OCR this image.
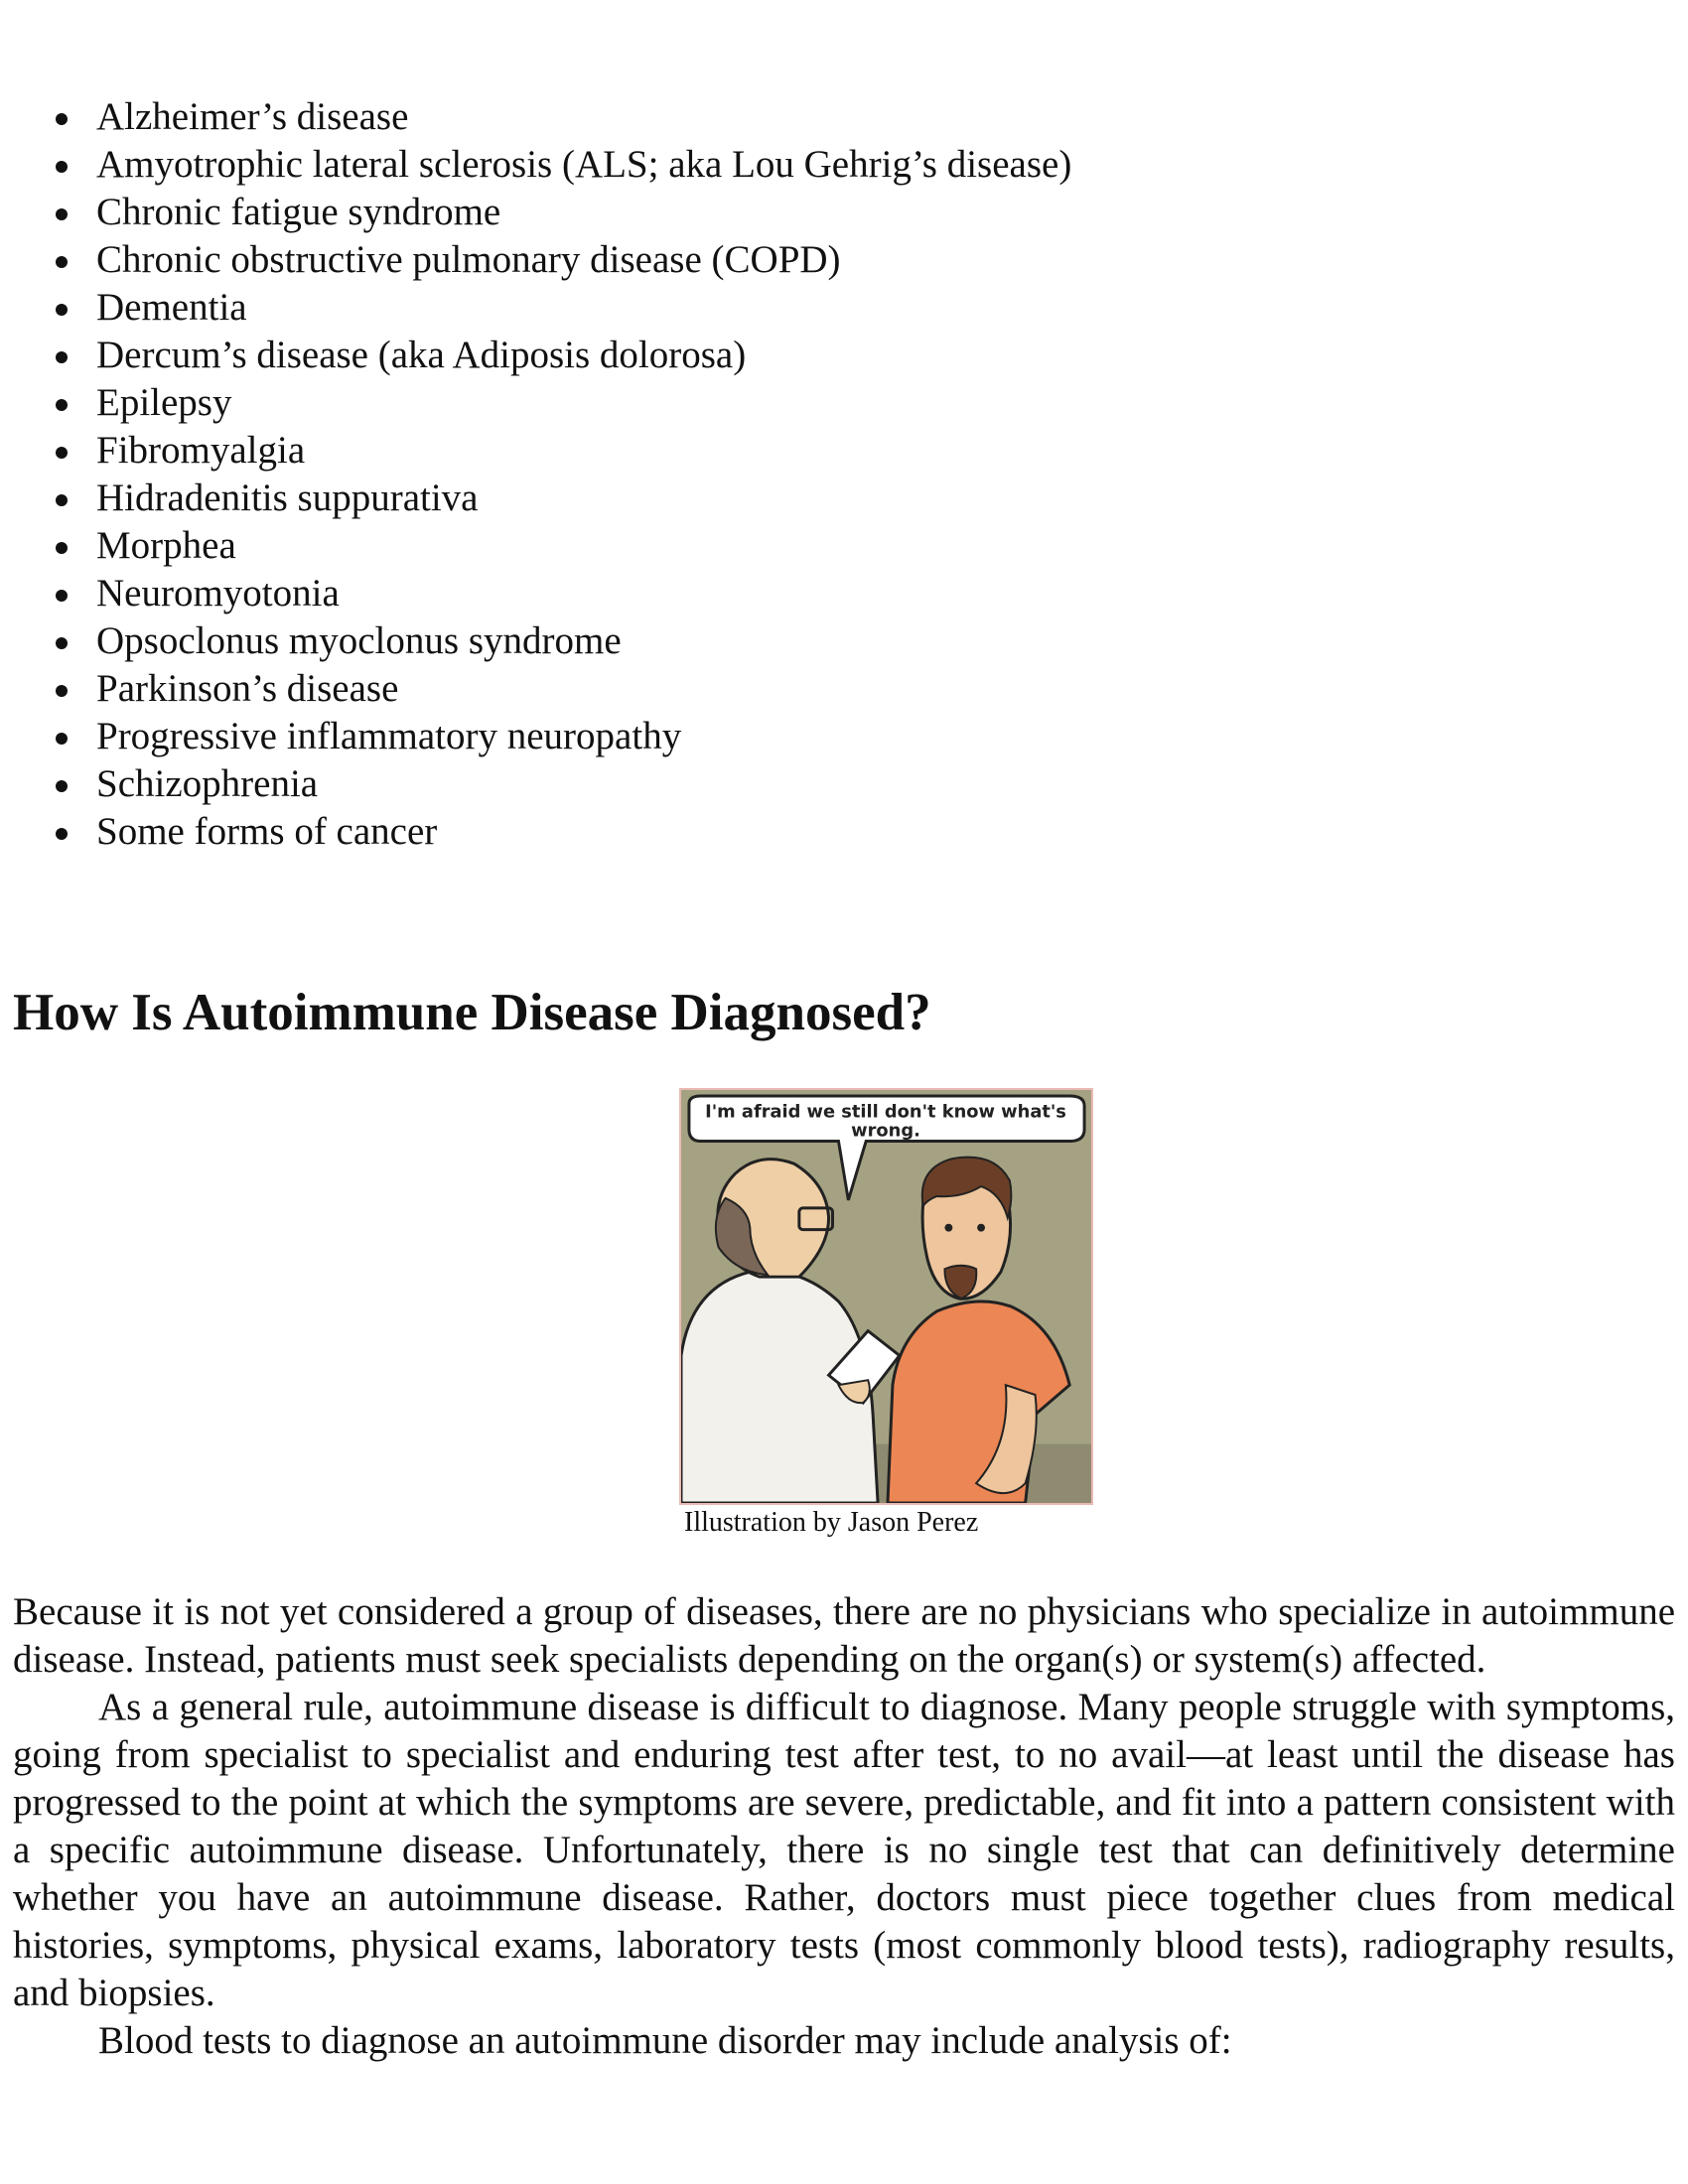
Alzheimer’s disease
Amyotrophic lateral sclerosis (ALS; aka Lou Gehrig’s disease)
Chronic fatigue syndrome
Chronic obstructive pulmonary disease (COPD)
Dementia
Dercum’s disease (aka Adiposis dolorosa)
Epilepsy
Fibromyalgia
Hidradenitis suppurativa
Morphea
Neuromyotonia
Opsoclonus myoclonus syndrome
Parkinson’s disease
Progressive inflammatory neuropathy
Schizophrenia
Some forms of cancer
How Is Autoimmune Disease Diagnosed?
I'm afraid we still don't know what's
wrong.
Illustration by Jason Perez

Because it is not yet considered a group of diseases, there are no physicians who specialize in autoimmune disease. Instead, patients must seek specialists depending on the organ(s) or system(s) affected.

As a general rule, autoimmune disease is difficult to diagnose. Many people struggle with symptoms, going from specialist to specialist and enduring test after test, to no avail—at least until the disease has progressed to the point at which the symptoms are severe, predictable, and fit into a pattern consistent with a specific autoimmune disease. Unfortunately, there is no single test that can definitively determine whether you have an autoimmune disease. Rather, doctors must piece together clues from medical histories, symptoms, physical exams, laboratory tests (most commonly blood tests), radiography results, and biopsies.

Blood tests to diagnose an autoimmune disorder may include analysis of:
